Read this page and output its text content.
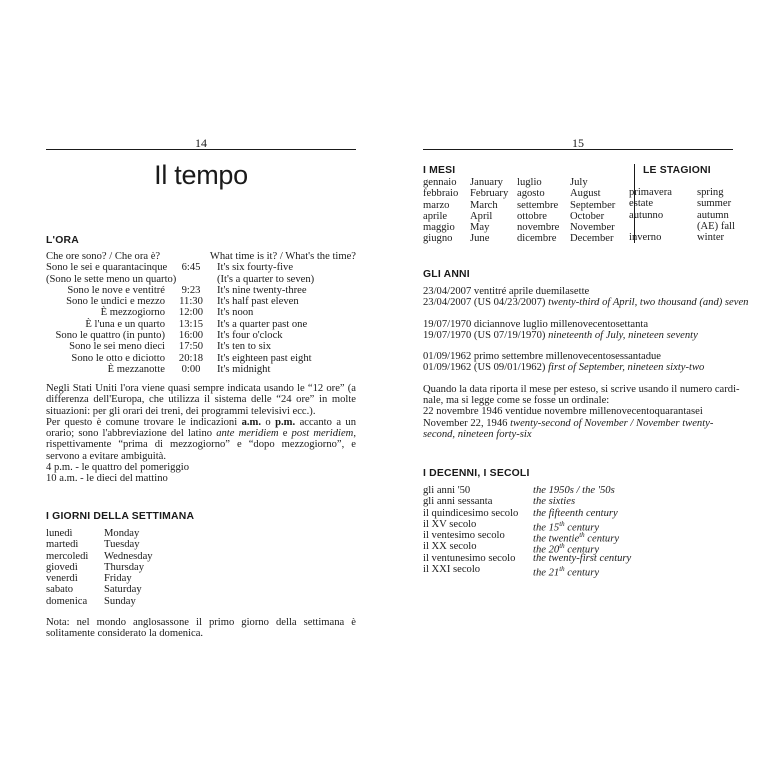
14
Il tempo
L'ORA
Che ore sono? / Che ora è?	What time is it? / What's the time?
Sono le sei e quarantacinque	6:45	It's six fourty-five
(Sono le sette meno un quarto)	(It's a quarter to seven)
Sono le nove e ventitré	9:23	It's nine twenty-three
Sono le undici e mezzo	11:30	It's half past eleven
È mezzogiorno	12:00	It's noon
È l'una e un quarto	13:15	It's a quarter past one
Sono le quattro (in punto)	16:00	It's four o'clock
Sono le sei meno dieci	17:50	It's ten to six
Sono le otto e diciotto	20:18	It's eighteen past eight
È mezzanotte	0:00	It's midnight

Negli Stati Uniti l'ora viene quasi sempre indicata usando le “12 ore” (a differenza dell'Europa, che utilizza il sistema delle “24 ore” in molte situazioni: per gli orari dei treni, dei programmi televisivi ecc.).

Per questo è comune trovare le indicazioni a.m. o p.m. accanto a un orario; sono l'abbreviazione del latino ante meridiem e post meridiem, rispettivamente “prima di mezzogiorno” e “dopo mezzogiorno”, e servono a evitare ambiguità.

4 p.m. - le quattro del pomeriggio

10 a.m. - le dieci del mattino

I GIORNI DELLA SETTIMANA
lunedì	Monday
martedì	Tuesday
mercoledì	Wednesday
giovedì	Thursday
venerdì	Friday
sabato	Saturday
domenica	Sunday
Nota: nel mondo anglosassone il primo giorno della settimana è solitamente considerato la domenica.
15
I MESI
gennaio	January	luglio	July
febbraio	February agosto	August
marzo	March	settembre	September
aprile	April	ottobre	October
maggio	May	novembre	November
giugno	June	dicembre	December
LE STAGIONI
primavera	spring
estate	summer
autunno	autumn
(AE) fall
inverno	winter
GLI ANNI
23/04/2007 ventitré aprile duemilasette
23/04/2007 (US 04/23/2007) twenty-third of April, two thousand (and) seven
19/07/1970 diciannove luglio millenovecentosettanta
19/07/1970 (US 07/19/1970) nineteenth of July, nineteen seventy
01/09/1962 primo settembre millenovecentosessantadue
01/09/1962 (US 09/01/1962) first of September, nineteen sixty-two
Quando la data riporta il mese per esteso, si scrive usando il numero cardi-
nale, ma si legge come se fosse un ordinale:
22 novembre 1946 ventidue novembre millenovecentoquarantasei
November 22, 1946 twenty-second of November / November twenty-second, nineteen forty-six
I DECENNI, I SECOLI
gli anni '50	the 1950s / the '50s
gli anni sessanta	the sixties
il quindicesimo secolo	the fifteenth century
il XV secolo	the 15th century
il ventesimo secolo	the twentie$^{th}$ century
il XX secolo	the 20th century
il ventunesimo secolo	the twenty-first century
il XXI secolo	the 21th century
